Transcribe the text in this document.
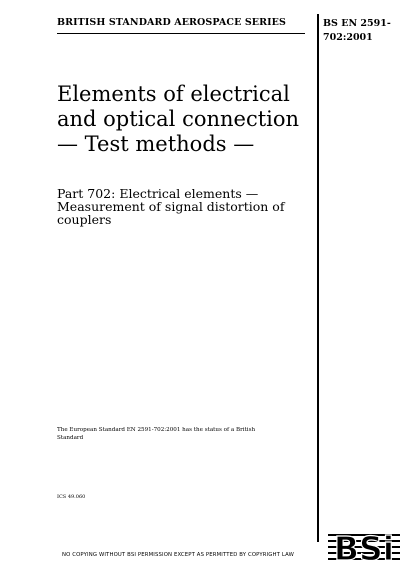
BRITISH STANDARD AEROSPACE SERIES	BS EN 2591-702:2001
Elements of electrical and optical connection — Test methods —
Part 702: Electrical elements — Measurement of signal distortion of couplers
The European Standard EN 2591-702:2001 has the status of a British Standard
ICS 49.060
NO COPYING WITHOUT BSI PERMISSION EXCEPT AS PERMITTED BY COPYRIGHT LAW	BSi
